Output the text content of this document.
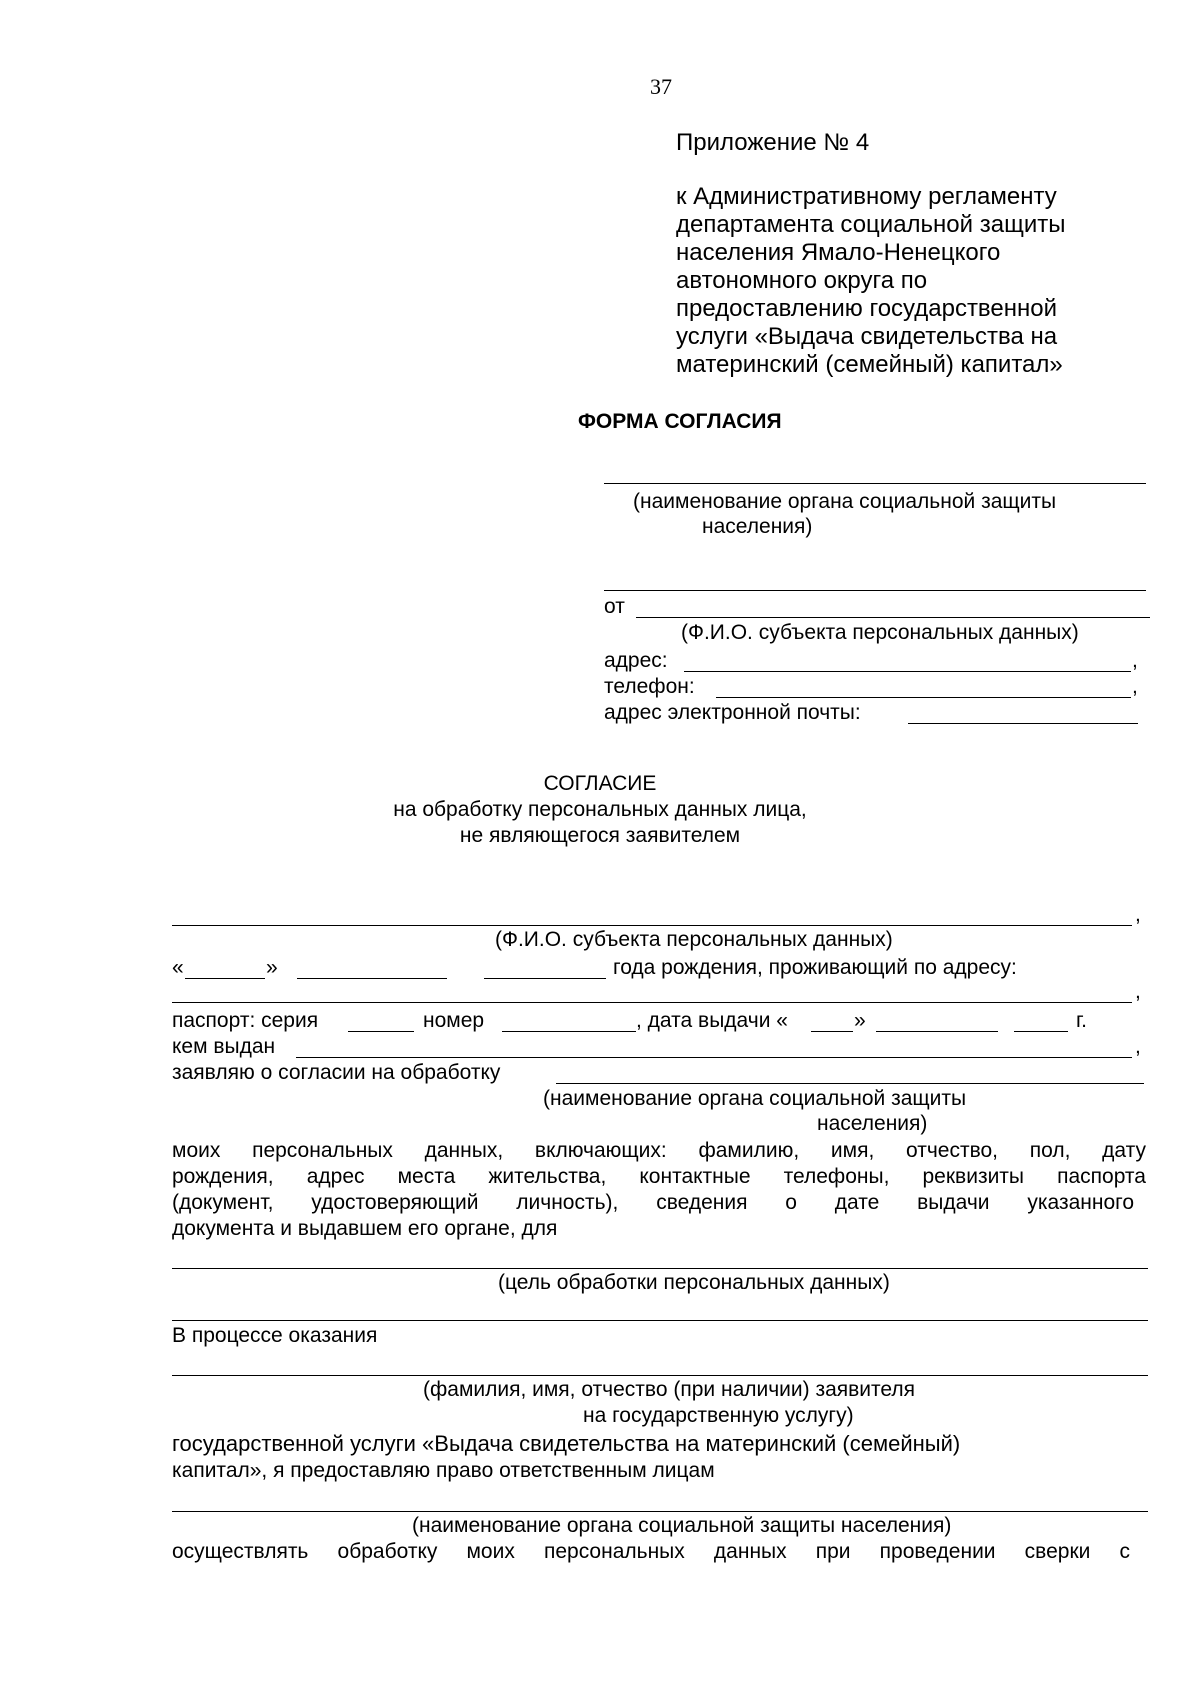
37
Приложение № 4
к Административному регламенту
департамента социальной защиты
населения Ямало-Ненецкого
автономного округа по
предоставлению государственной
услуги «Выдача свидетельства на
материнский (семейный) капитал»
ФОРМА СОГЛАСИЯ
(наименование органа социальной защиты
населения)
от
(Ф.И.О. субъекта персональных данных)
адрес:	,
телефон:	,
адрес электронной почты:
СОГЛАСИЕ
на обработку персональных данных лица,
не являющегося заявителем
,
(Ф.И.О. субъекта персональных данных)
«	»	года рождения, проживающий по адресу:
,
паспорт: серия	номер	, дата выдачи «	»	г.
кем выдан	,
заявляю о согласии на обработку
(наименование органа социальной защиты
населения)
моих персональных данных, включающих: фамилию, имя, отчество, пол, дату
рождения, адрес места жительства, контактные телефоны, реквизиты паспорта
(документ, удостоверяющий личность), сведения о дате выдачи указанного
документа и выдавшем его органе, для
(цель обработки персональных данных)
В процессе оказания
(фамилия, имя, отчество (при наличии) заявителя
на государственную услугу)
государственной услуги «Выдача свидетельства на материнский (семейный)
капитал», я предоставляю право ответственным лицам
(наименование органа социальной защиты населения)
осуществлять обработку моих персональных данных при проведении сверки с
